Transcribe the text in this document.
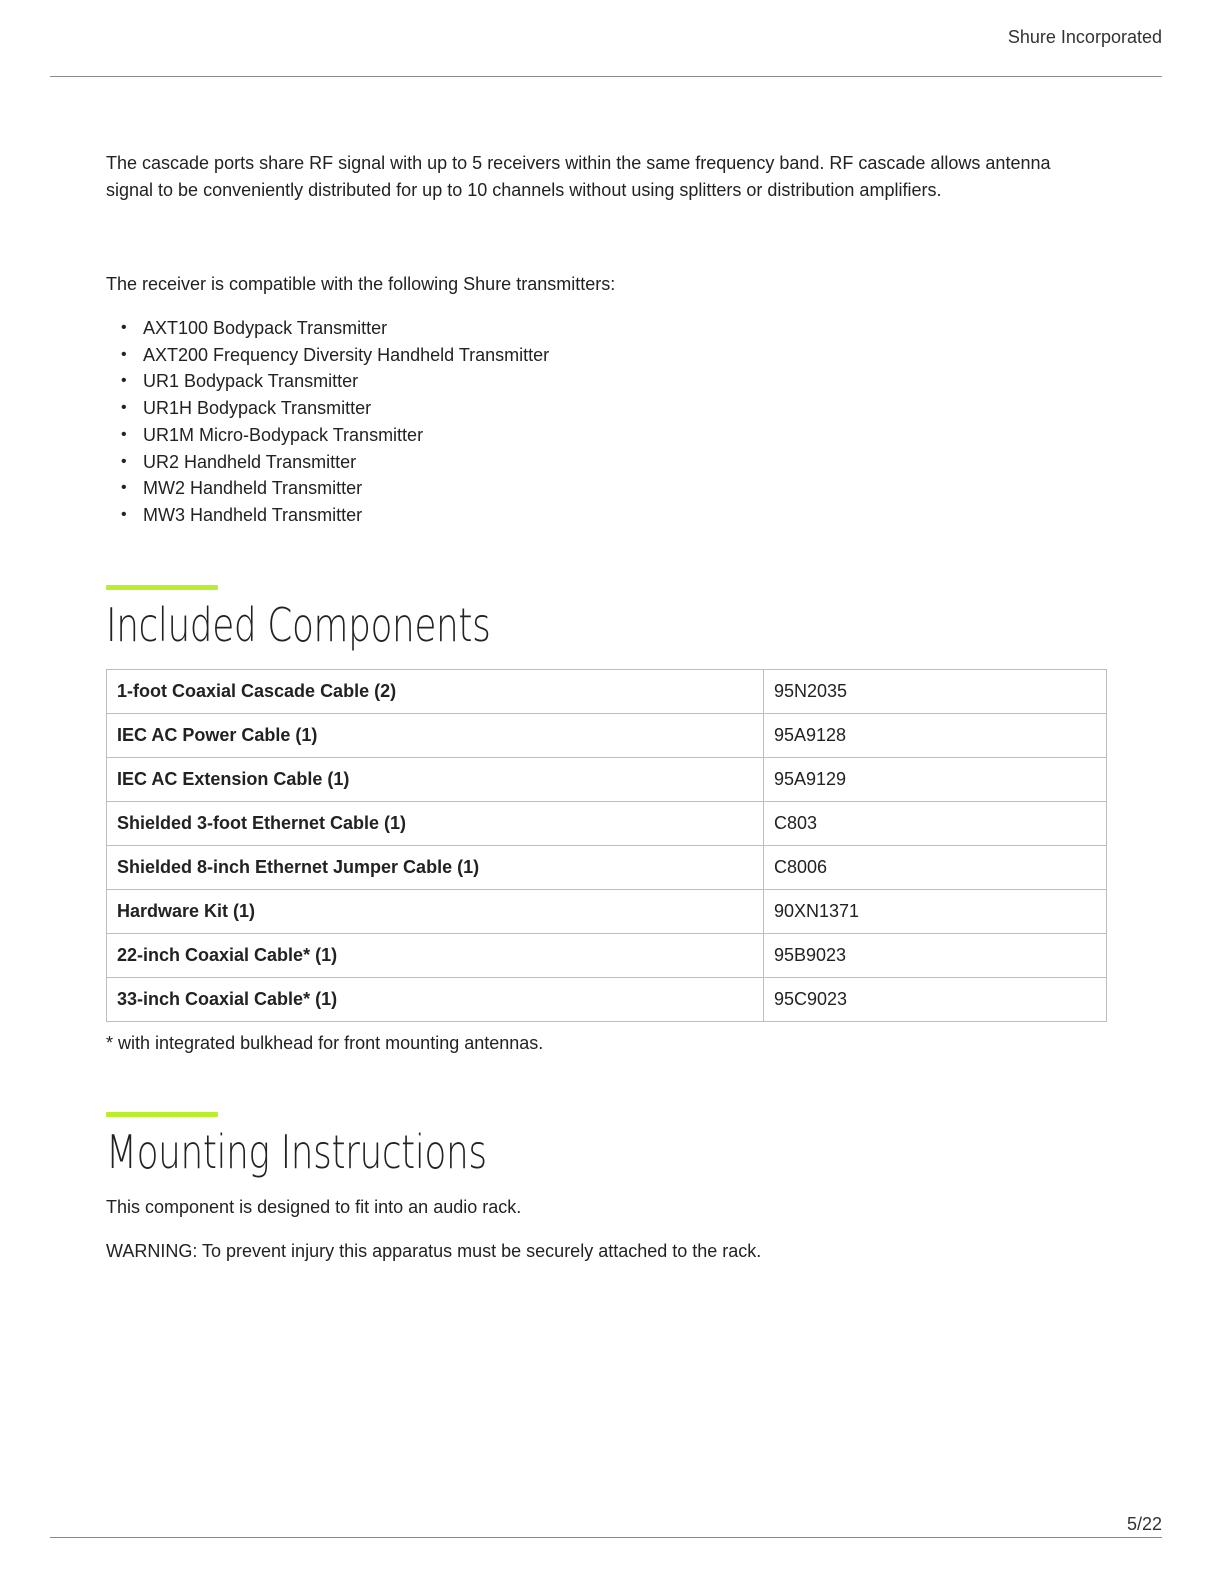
Shure Incorporated

The cascade ports share RF signal with up to 5 receivers within the same frequency band. RF cascade allows antenna signal to be conveniently distributed for up to 10 channels without using splitters or distribution amplifiers.

The receiver is compatible with the following Shure transmitters:

• AXT100 Bodypack Transmitter
• AXT200 Frequency Diversity Handheld Transmitter
• UR1 Bodypack Transmitter
• UR1H Bodypack Transmitter
• UR1M Micro-Bodypack Transmitter
• UR2 Handheld Transmitter
• MW2 Handheld Transmitter
• MW3 Handheld Transmitter
Included Components
1-foot Coaxial Cascade Cable (2)	95N2035
IEC AC Power Cable (1)	95A9128
IEC AC Extension Cable (1)	95A9129
Shielded 3-foot Ethernet Cable (1)	C803
Shielded 8-inch Ethernet Jumper Cable (1)	C8006
Hardware Kit (1)	90XN1371
22-inch Coaxial Cable* (1)	95B9023
33-inch Coaxial Cable* (1)	95C9023
* with integrated bulkhead for front mounting antennas.
Mounting Instructions

This component is designed to fit into an audio rack.

WARNING: To prevent injury this apparatus must be securely attached to the rack.

5/22
